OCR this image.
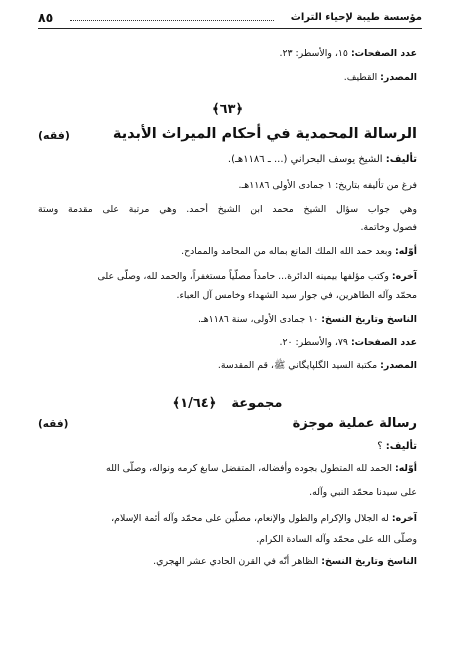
مؤسسة طيبة لإحياء التراث
٨٥
عدد الصفحات: ١٥، والأسطر: ٢٣.
المصدر: القطيف.
﴿٦٣﴾
الرسالة المحمدية في أحكام الميراث الأبدية
(فقه)
تأليف: الشيخ يوسف البحراني (... ـ ١١٨٦هـ).
فرغ من تأليفه بتاريخ: ١ جمادى الأولى ١١٨٦هـ.
وهي جواب سؤال الشيخ محمد ابن الشيخ أحمد. وهي مرتبة على مقدمة وستة
فصول وخاتمة.
أوّله: وبعد حمد الله الملك المانع بماله من المحامد والممادح.
آخره: وكتب مؤلفها بيمينه الدائرة... حامداً مصلّياً مستغفراً، والحمد لله، وصلّى على
محمّد وآله الطاهرين، في جوار سيد الشهداء وخامس آل العباء.
الناسخ وتاريخ النسخ: ١٠ جمادى الأولى، سنة ١١٨٦هـ.
عدد الصفحات: ٧٩، والأسطر: ٢٠.
المصدر: مكتبة السيد الگلپايگاني ﷺ، قم المقدسة.
مجموعة  ﴿١/٦٤﴾
رسالة عملية موجزة
(فقه)
تأليف: ؟
أوّله: الحمد لله المتطول بجوده وأفضاله، المتفضل سابغ كرمه ونواله، وصلّى الله
على سيدنا محمّد النبي وآله.
آخره: له الجلال والإكرام والطول والإنعام، مصلّين على محمّد وآله أئمة الإسلام،
وصلّى الله على محمّد وآله السادة الكرام.
الناسخ وتاريخ النسخ: الظاهر أنّه في القرن الحادي عشر الهجري.
